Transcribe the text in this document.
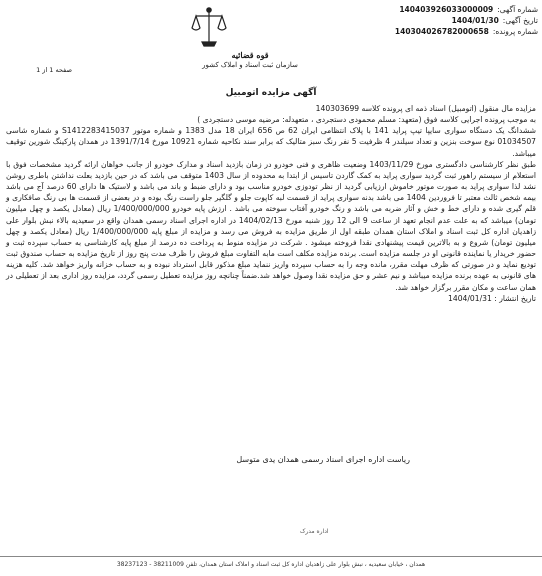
قوه قضائیه
سازمان ثبت اسناد و املاک کشور
شماره آگهی:
140403926033000009
تاریخ آگهی:
1404/01/30
شماره پرونده:
140304026782000658
صفحه 1 از 1
آگهی مزایده اتومبیل

مزایده مال منقول (اتومبیل) اسناد ذمه ای پرونده کلاسه 140303699

به موجب پرونده اجرایی کلاسه فوق (متعهد: مسلم محمودی دستجردی ، متعهدله: مرضیه موسی دستجردی )

ششدانگ یک دستگاه سواری سایپا تیپ پراید 141 با پلاک انتظامی ایران 62 ص 656 ایران 18 مدل 1383 و شماره موتور S1412283415037 و شماره شاسی 01034507 نوع سوخت بنزین و تعداد سیلندر 4 ظرفیت 5 نفر رنگ سبز متالیک که برابر سند نکاحیه شماره 10921 مورخ 1391/7/14 در همدان پارکینگ شورین توقیف میباشد.

طبق نظر کارشناسی دادگستری مورخ 1403/11/29 وضعیت ظاهری و فنی خودرو در زمان بازدید اسناد و مدارک خودرو از جانب خواهان ارائه گردید مشخصات فوق با استعلام از سیستم راهور ثبت گردید سواری پراید به کمک گاردن تاسیس از ابتدا به محدوده از سال 1403 متوقف می باشد که در حین بازدید بعلت نداشتن باطری روشن نشد لذا سواری پراید به صورت موتور خاموش ارزیابی گردید از نظر تودوزی خودرو مناسب بود و دارای ضبط و باند می باشد و لاستیک ها دارای 60 درصد آج می باشد بیمه شخص ثالث معتبر تا فروردین 1404 می باشد بدنه سواری پراید از قسمت لبه کاپوت جلو و گلگیر جلو راست رنگ بوده و در بعضی از قسمت ها بی رنگ صافکاری و قلم گیری شده و دارای خط و خش و آثار ضربه می باشد و رنگ خودرو آفتاب سوخته می باشد . ارزش پایه خودرو 1/400/000/000 ریال (معادل یکصد و چهل میلیون تومان) میباشد که به علت عدم انجام تعهد از ساعت 9 الی 12 روز شنبه مورخ 1404/02/13 در اداره اجرای اسناد رسمی همدان واقع در سعیدیه بالاء نبش بلوار علی زاهدیان اداره کل ثبت اسناد و املاک استان همدان طبقه اول از طریق مزایده به فروش می رسد و مزایده از مبلغ پایه 1/400/000/000 ریال (معادل یکصد و چهل میلیون تومان) شروع و به بالاترین قیمت پیشنهادی نقدا فروخته میشود . شرکت در مزایده منوط به پرداخت ده درصد از مبلغ پایه کارشناسی به حساب سپرده ثبت و حضور خریدار یا نماینده قانونی او در جلسه مزایده است. برنده مزایده مکلف است مابه التفاوت مبلغ فروش را ظرف مدت پنج روز از تاریخ مزایده به حساب صندوق ثبت تودیع نماید و در صورتی که ظرف مهلت مقرر، مانده وجه را به حساب سپرده واریز ننماید مبلغ مذکور قابل استرداد نبوده و به حساب خزانه واریز خواهد شد. کلیه هزینه های قانونی به عهده برنده مزایده میباشد و نیم عشر و حق مزایده نقدا وصول خواهد شد.ضمناً چنانچه روز مزایده تعطیل رسمی گردد، مزایده روز اداری بعد از تعطیلی در همان ساعت و مکان مقرر برگزار خواهد شد.

تاریخ انتشار : 1404/01/31

ریاست اداره اجرای اسناد رسمی همدان یدی متوسل
اداره مدرک
همدان ، خیابان سعیدیه ، نبش بلوار علی زاهدیان اداره کل ثبت اسناد و املاک استان همدان، تلفن 38211009 - 38237123
